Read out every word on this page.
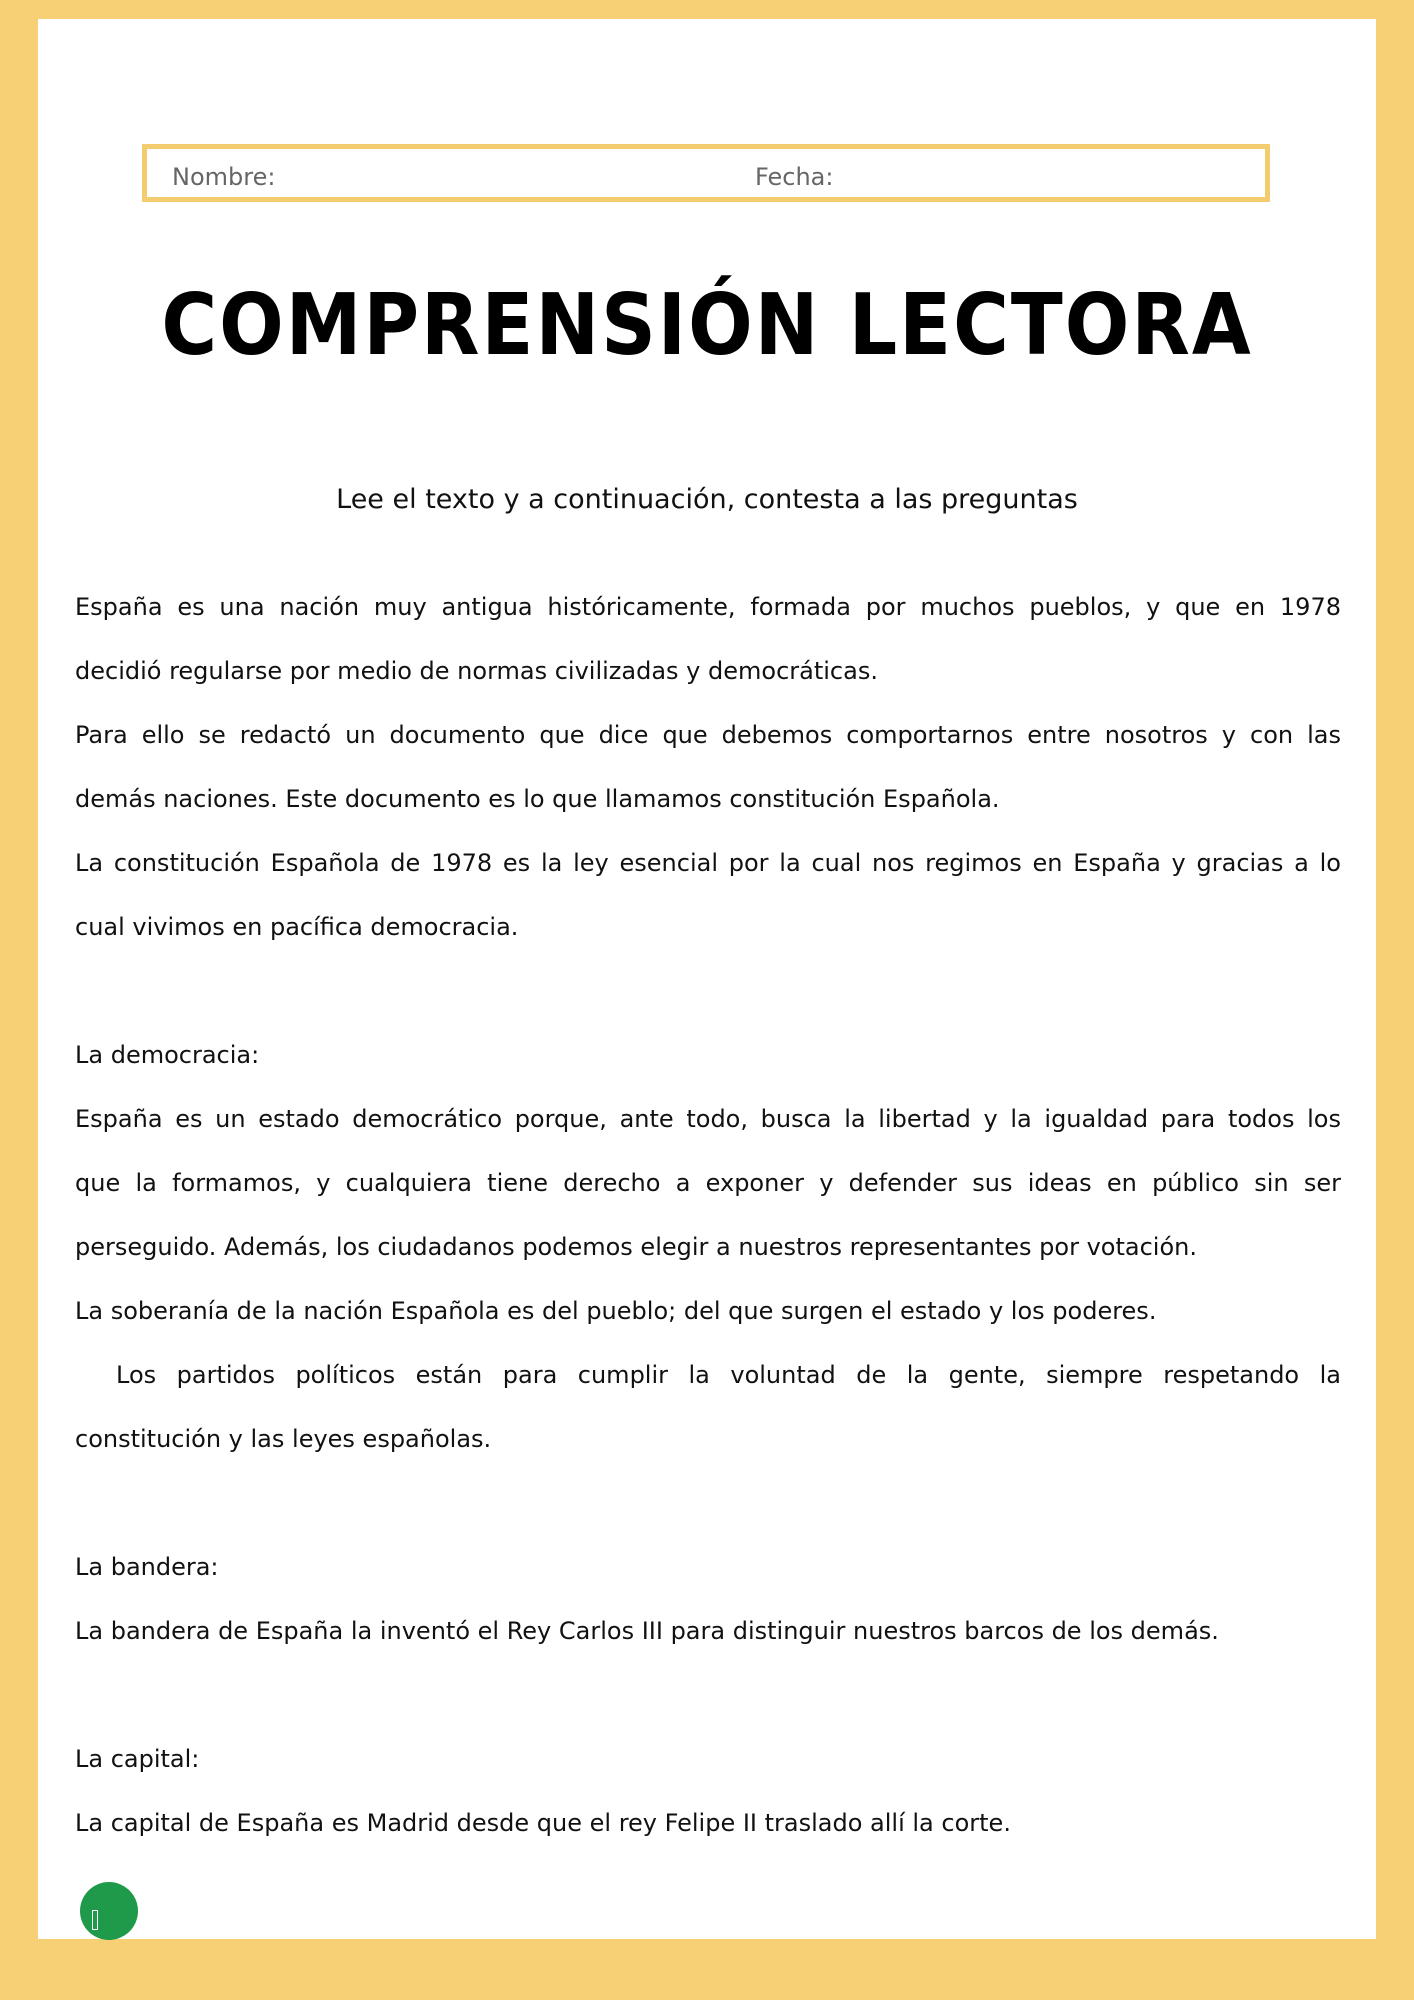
Nombre:	Fecha:
COMPRENSIÓN LECTORA
Lee el texto y a continuación, contesta a las preguntas
España es una nación muy antigua históricamente, formada por muchos pueblos, y que en 1978
decidió regularse por medio de normas civilizadas y democráticas.
Para ello se redactó un documento que dice que debemos comportarnos entre nosotros y con las
demás naciones. Este documento es lo que llamamos constitución Española.
La constitución Española de 1978 es la ley esencial por la cual nos regimos en España y gracias a lo
cual vivimos en pacífica democracia.
La democracia:
España es un estado democrático porque, ante todo, busca la libertad y la igualdad para todos los
que la formamos, y cualquiera tiene derecho a exponer y defender sus ideas en público sin ser
perseguido. Además, los ciudadanos podemos elegir a nuestros representantes por votación.
La soberanía de la nación Española es del pueblo; del que surgen el estado y los poderes.
Los partidos políticos están para cumplir la voluntad de la gente, siempre respetando la
constitución y las leyes españolas.
La bandera:
La bandera de España la inventó el Rey Carlos III para distinguir nuestros barcos de los demás.
La capital:
La capital de España es Madrid desde que el rey Felipe II traslado allí la corte.
